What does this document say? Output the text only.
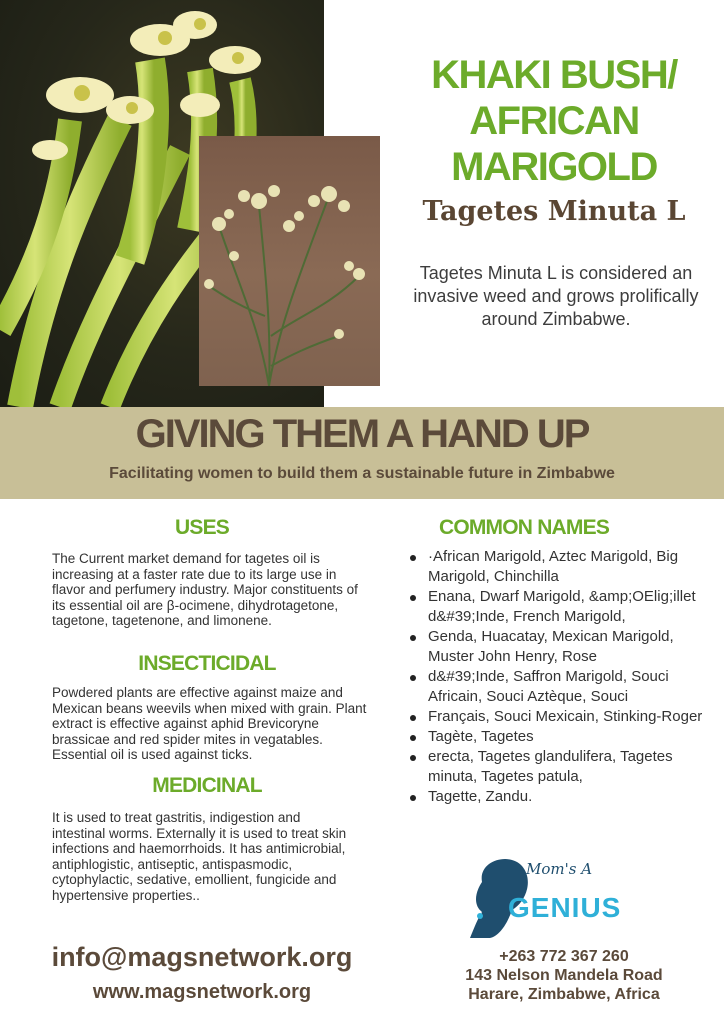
KHAKI BUSH/
AFRICAN
MARIGOLD
Tagetes Minuta L
Tagetes Minuta L is considered an invasive weed and grows prolifically around Zimbabwe.
GIVING THEM A HAND UP
Facilitating women to build them a sustainable future in Zimbabwe
USES
The Current market demand for tagetes oil is increasing at a faster rate due to its large use in flavor and perfumery industry. Major constituents of its essential oil are β-ocimene, dihydrotagetone, tagetone, tagetenone, and limonene.
INSECTICIDAL
Powdered plants are effective against maize and Mexican beans weevils when mixed with grain. Plant extract is effective against aphid Brevicoryne brassicae and red spider mites in vegatables. Essential oil is used against ticks.
MEDICINAL
It is used to treat gastritis, indigestion and intestinal worms. Externally it is used to treat skin infections and haemorrhoids. It has antimicrobial, antiphlogistic, antiseptic, antispasmodic, cytophylactic, sedative, emollient, fungicide and hypertensive properties..
COMMON NAMES
·African Marigold, Aztec Marigold, Big Marigold, Chinchilla
Enana, Dwarf Marigold, &amp;OElig;illet d&#39;Inde, French Marigold,
Genda, Huacatay, Mexican Marigold, Muster John Henry, Rose
d&#39;Inde, Saffron Marigold, Souci Africain, Souci Aztèque, Souci
Français, Souci Mexicain, Stinking-Roger
Tagète, Tagetes
erecta, Tagetes glandulifera, Tagetes minuta, Tagetes patula,
Tagette, Zandu.
Mom's A
GENIUS
info@magsnetwork.org
www.magsnetwork.org
+263 772 367 260
143 Nelson Mandela Road
Harare, Zimbabwe, Africa
